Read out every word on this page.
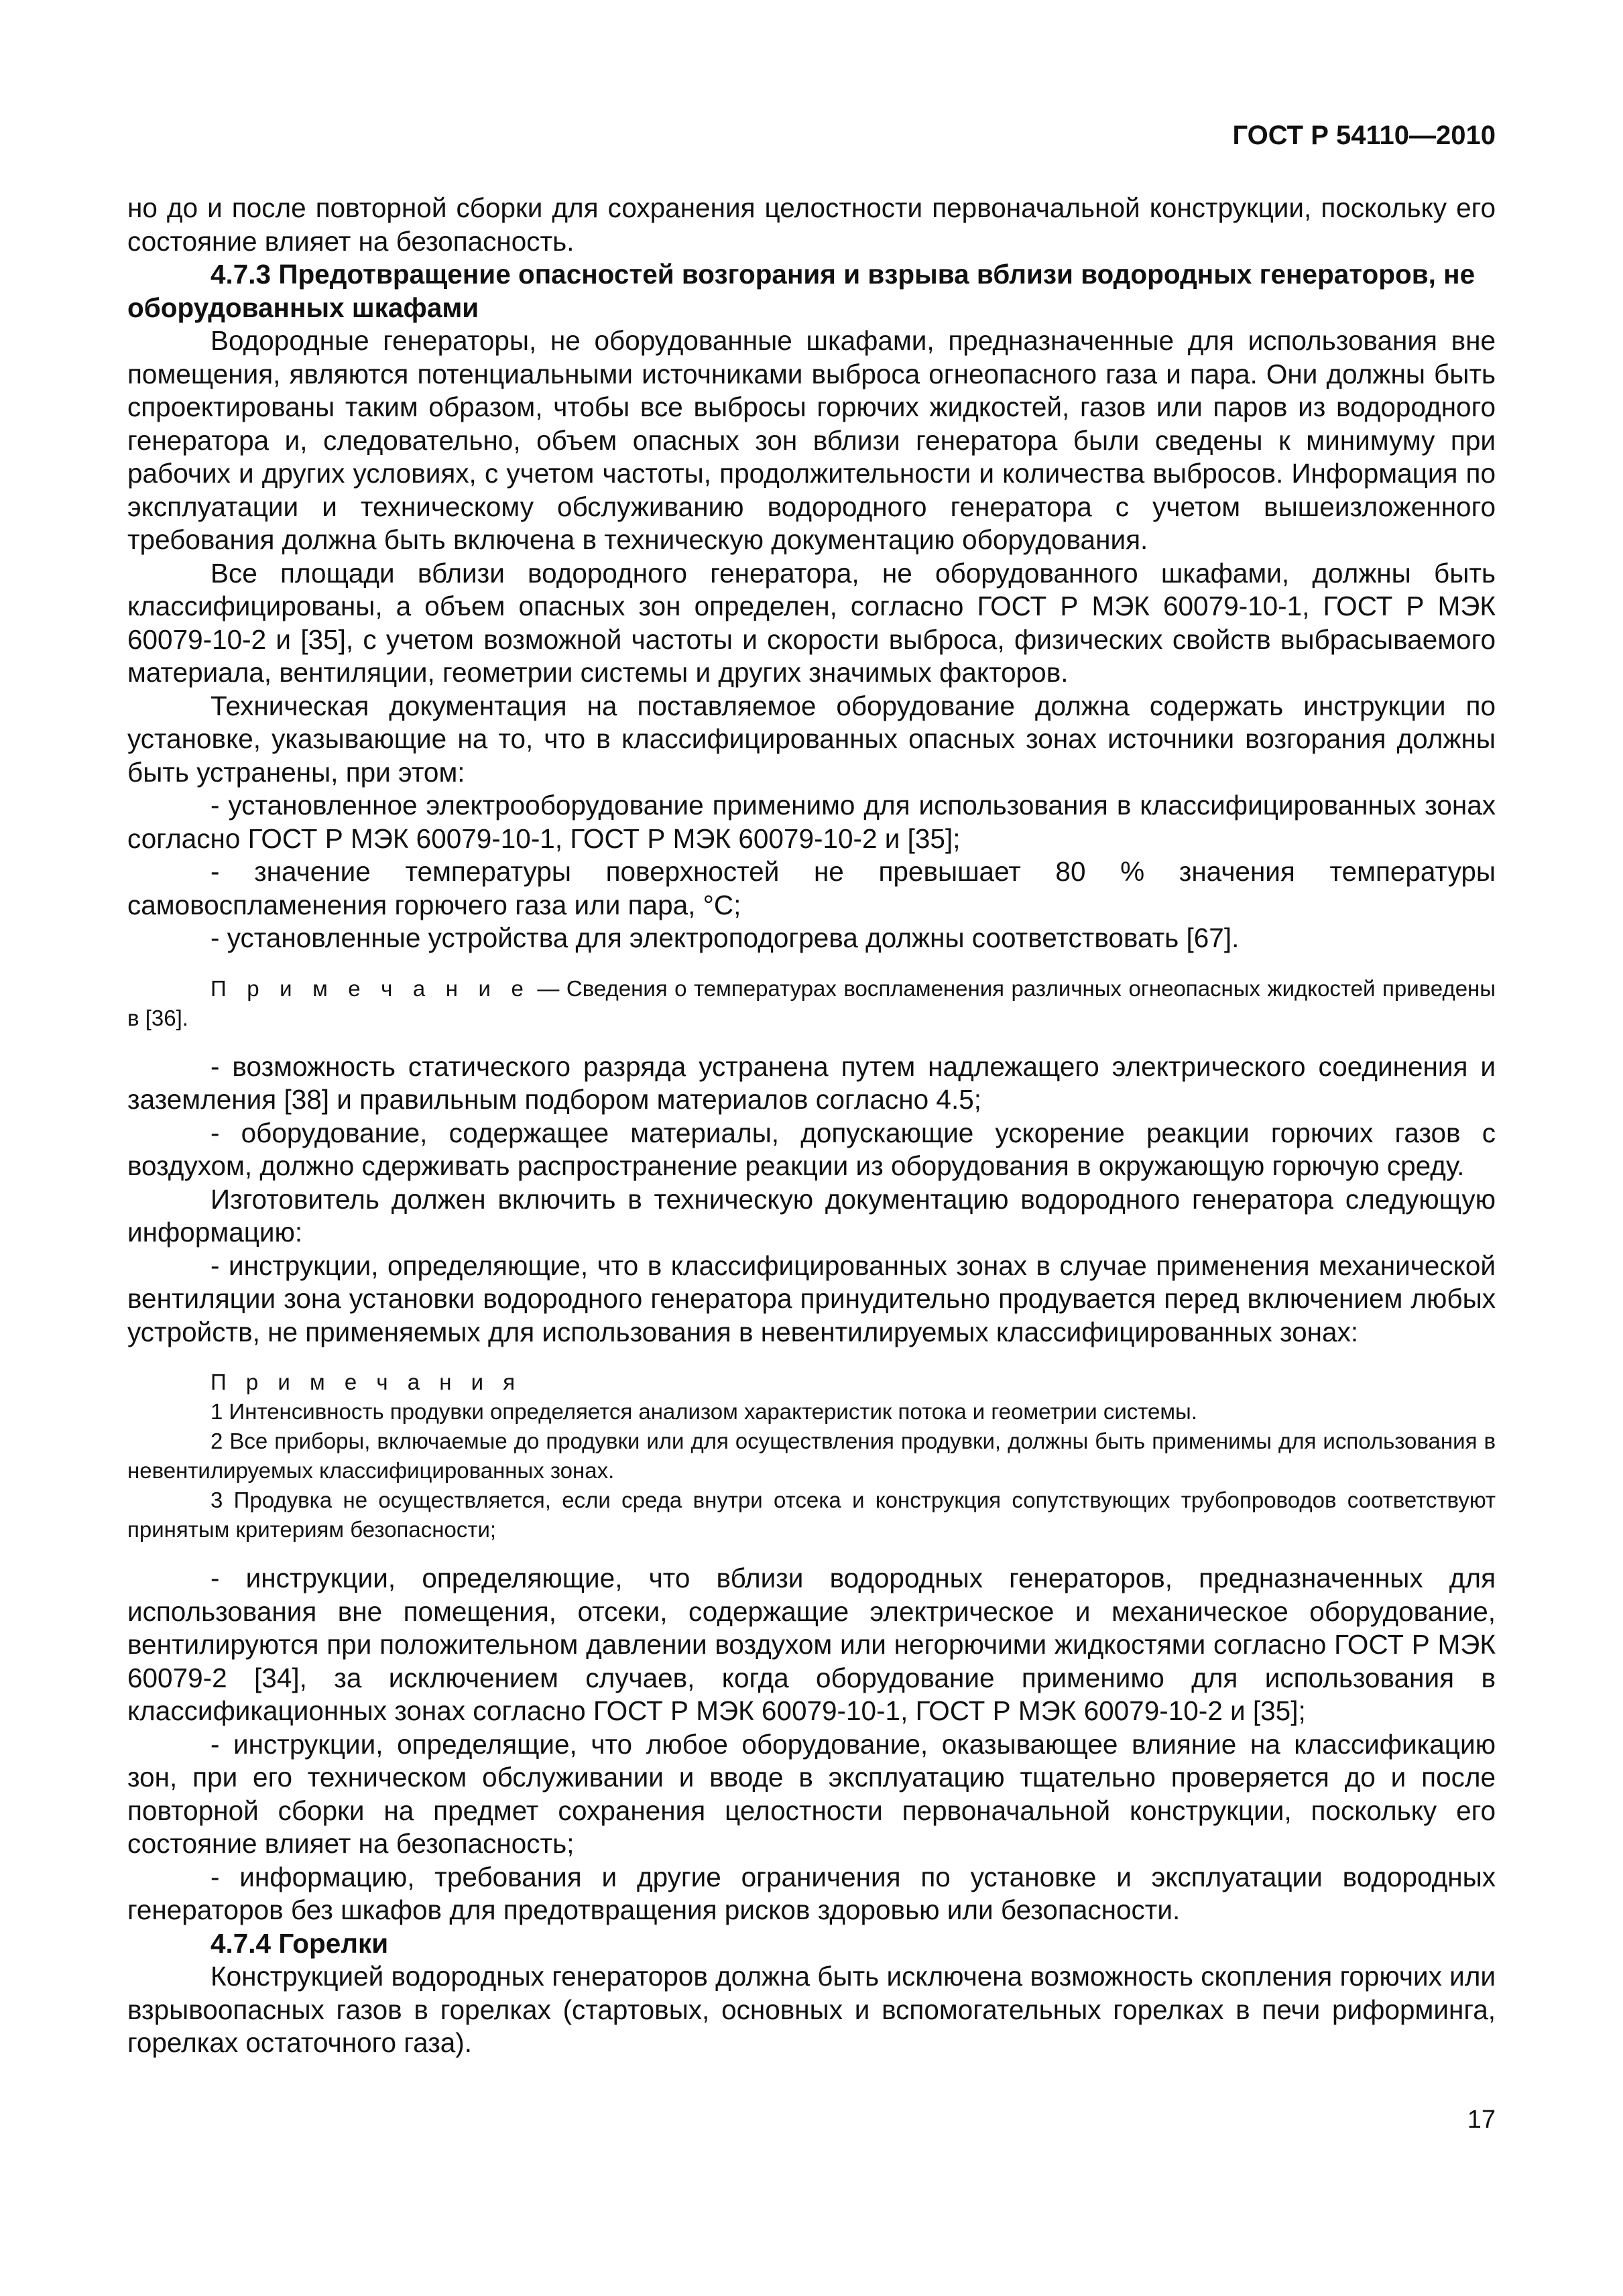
ГОСТ Р 54110—2010

но до и после повторной сборки для сохранения целостности первоначальной конструкции, поскольку его состояние влияет на безопасность.

4.7.3 Предотвращение опасностей возгорания и взрыва вблизи водородных генераторов, не оборудованных шкафами

Водородные генераторы, не оборудованные шкафами, предназначенные для использования вне помещения, являются потенциальными источниками выброса огнеопасного газа и пара. Они должны быть спроектированы таким образом, чтобы все выбросы горючих жидкостей, газов или паров из водородного генератора и, следовательно, объем опасных зон вблизи генератора были сведены к минимуму при рабочих и других условиях, с учетом частоты, продолжительности и количества выбросов. Информация по эксплуатации и техническому обслуживанию водородного генератора с учетом вышеизложенного требования должна быть включена в техническую документацию оборудования.

Все площади вблизи водородного генератора, не оборудованного шкафами, должны быть классифицированы, а объем опасных зон определен, согласно ГОСТ Р МЭК 60079-10-1, ГОСТ Р МЭК 60079-10-2 и [35], с учетом возможной частоты и скорости выброса, физических свойств выбрасываемого материала, вентиляции, геометрии системы и других значимых факторов.

Техническая документация на поставляемое оборудование должна содержать инструкции по установке, указывающие на то, что в классифицированных опасных зонах источники возгорания должны быть устранены, при этом:

- установленное электрооборудование применимо для использования в классифицированных зонах согласно ГОСТ Р МЭК 60079-10-1, ГОСТ Р МЭК 60079-10-2 и [35];

- значение температуры поверхностей не превышает 80 % значения температуры самовоспламенения горючего газа или пара, °С;

- установленные устройства для электроподогрева должны соответствовать [67].

П р и м е ч а н и е — Сведения о температурах воспламенения различных огнеопасных жидкостей приведены в [36].

- возможность статического разряда устранена путем надлежащего электрического соединения и заземления [38] и правильным подбором материалов согласно 4.5;

- оборудование, содержащее материалы, допускающие ускорение реакции горючих газов с воздухом, должно сдерживать распространение реакции из оборудования в окружающую горючую среду.

Изготовитель должен включить в техническую документацию водородного генератора следующую информацию:

- инструкции, определяющие, что в классифицированных зонах в случае применения механической вентиляции зона установки водородного генератора принудительно продувается перед включением любых устройств, не применяемых для использования в невентилируемых классифицированных зонах:

П р и м е ч а н и я

1 Интенсивность продувки определяется анализом характеристик потока и геометрии системы.

2 Все приборы, включаемые до продувки или для осуществления продувки, должны быть применимы для использования в невентилируемых классифицированных зонах.

3 Продувка не осуществляется, если среда внутри отсека и конструкция сопутствующих трубопроводов соответствуют принятым критериям безопасности;

- инструкции, определяющие, что вблизи водородных генераторов, предназначенных для использования вне помещения, отсеки, содержащие электрическое и механическое оборудование, вентилируются при положительном давлении воздухом или негорючими жидкостями согласно ГОСТ Р МЭК 60079-2 [34], за исключением случаев, когда оборудование применимо для использования в классификационных зонах согласно ГОСТ Р МЭК 60079-10-1, ГОСТ Р МЭК 60079-10-2 и [35];

- инструкции, определящие, что любое оборудование, оказывающее влияние на классификацию зон, при его техническом обслуживании и вводе в эксплуатацию тщательно проверяется до и после повторной сборки на предмет сохранения целостности первоначальной конструкции, поскольку его состояние влияет на безопасность;

- информацию, требования и другие ограничения по установке и эксплуатации водородных генераторов без шкафов для предотвращения рисков здоровью или безопасности.

4.7.4 Горелки

Конструкцией водородных генераторов должна быть исключена возможность скопления горючих или взрывоопасных газов в горелках (стартовых, основных и вспомогательных горелках в печи риформинга, горелках остаточного газа).

17
